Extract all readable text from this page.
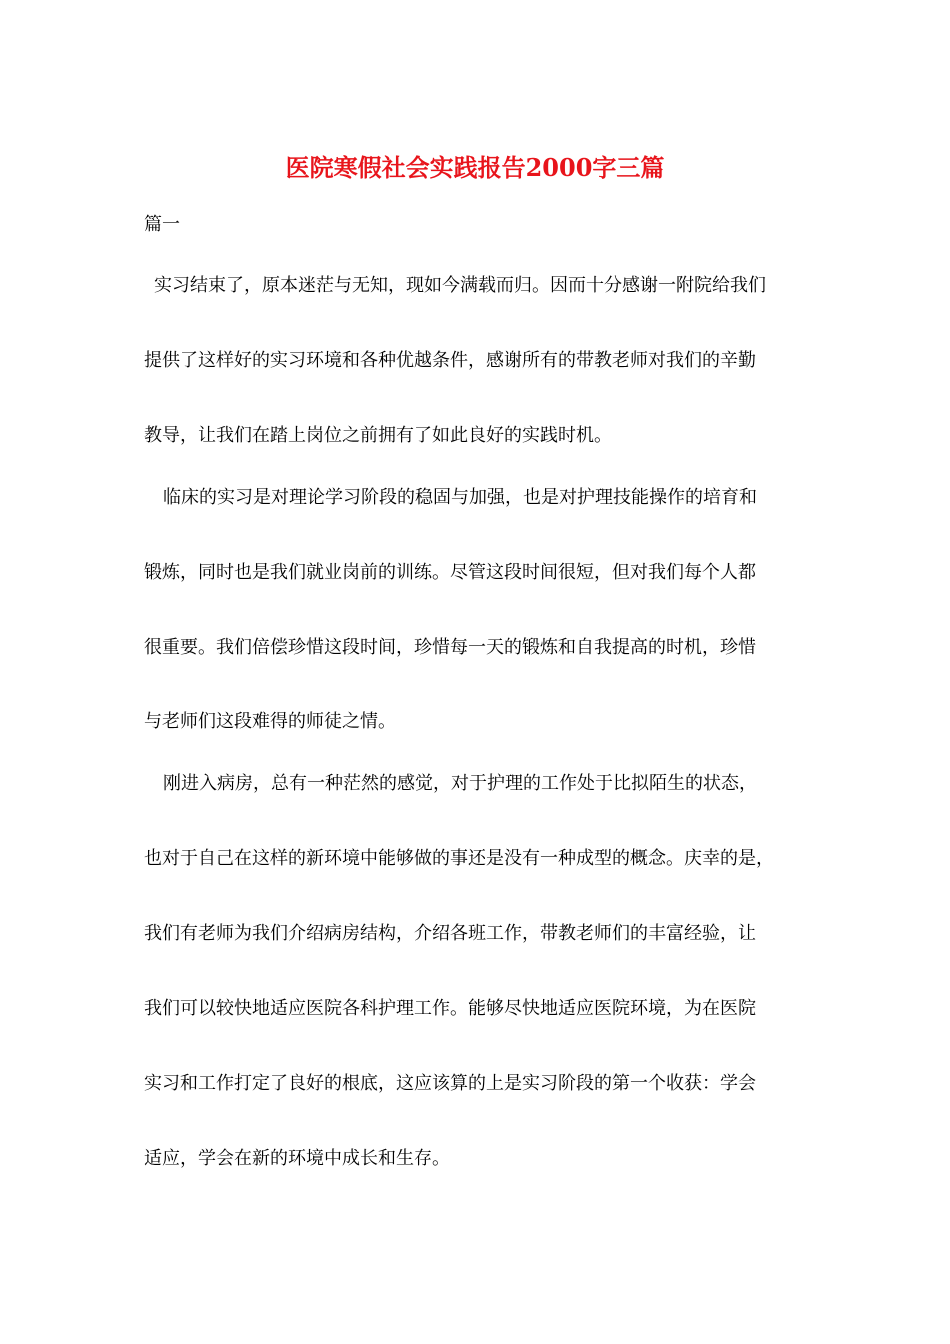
医院寒假社会实践报告2000字三篇
篇一
实习结束了，原本迷茫与无知，现如今满载而归。因而十分感谢一附院给我们
提供了这样好的实习环境和各种优越条件，感谢所有的带教老师对我们的辛勤
教导，让我们在踏上岗位之前拥有了如此良好的实践时机。
临床的实习是对理论学习阶段的稳固与加强，也是对护理技能操作的培育和
锻炼，同时也是我们就业岗前的训练。尽管这段时间很短，但对我们每个人都
很重要。我们倍偿珍惜这段时间，珍惜每一天的锻炼和自我提高的时机，珍惜
与老师们这段难得的师徒之情。
刚进入病房，总有一种茫然的感觉，对于护理的工作处于比拟陌生的状态，
也对于自己在这样的新环境中能够做的事还是没有一种成型的概念。庆幸的是，
我们有老师为我们介绍病房结构，介绍各班工作，带教老师们的丰富经验，让
我们可以较快地适应医院各科护理工作。能够尽快地适应医院环境，为在医院
实习和工作打定了良好的根底，这应该算的上是实习阶段的第一个收获：学会
适应，学会在新的环境中成长和生存。
